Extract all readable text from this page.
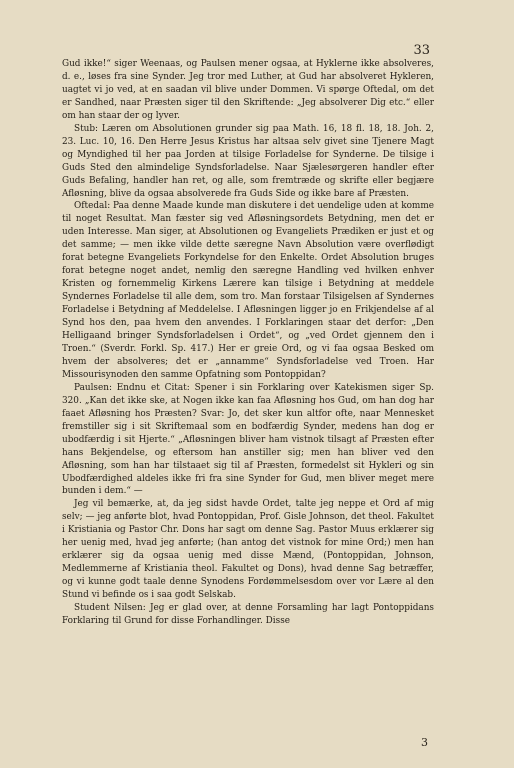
33

Gud ikke!“ siger Weenaas, og Paulsen mener ogsaa, at Hyklerne ikke absolveres, d. e., løses fra sine Synder. Jeg tror med Luther, at Gud har absolveret Hykleren, uagtet vi jo ved, at en saadan vil blive under Dommen. Vi spørge Oftedal, om det er Sandhed, naar Præsten siger til den Skriftende: „Jeg absolverer Dig etc.“ eller om han staar der og lyver.

Stub: Læren om Absolutionen grunder sig paa Math. 16, 18 fl. 18, 18. Joh. 2, 23. Luc. 10, 16. Den Herre Jesus Kristus har altsaa selv givet sine Tjenere Magt og Myndighed til her paa Jorden at tilsige Forladelse for Synderne. De tilsige i Guds Sted den almindelige Syndsforladelse. Naar Sjælesørgeren handler efter Guds Befaling, handler han ret, og alle, som fremtræde og skrifte eller begjære Afløsning, blive da ogsaa absolverede fra Guds Side og ikke bare af Præsten.

Oftedal: Paa denne Maade kunde man diskutere i det uendelige uden at komme til noget Resultat. Man fæster sig ved Afløsningsordets Betydning, men det er uden Interesse. Man siger, at Absolutionen og Evangeliets Prædiken er just et og det samme; — men ikke vilde dette særegne Navn Absolution være overflødigt forat betegne Evangeliets Forkyndelse for den Enkelte. Ordet Absolution bruges forat betegne noget andet, nemlig den særegne Handling ved hvilken enhver Kristen og fornemmelig Kirkens Lærere kan tilsige i Betydning at meddele Syndernes Forladelse til alle dem, som tro. Man forstaar Tilsigelsen af Syndernes Forladelse i Betydning af Meddelelse. I Afløsningen ligger jo en Frikjendelse af al Synd hos den, paa hvem den anvendes. I Forklaringen staar det derfor: „Den Helligaand bringer Syndsforladelsen i Ordet“, og „ved Ordet gjennem den i Troen.“ (Sverdr. Forkl. Sp. 417.) Her er greie Ord, og vi faa ogsaa Besked om hvem der absolveres; det er „annamme“ Syndsforladelse ved Troen. Har Missourisynoden den samme Opfatning som Pontoppidan?

Paulsen: Endnu et Citat: Spener i sin Forklaring over Katekismen siger Sp. 320. „Kan det ikke ske, at Nogen ikke kan faa Afløsning hos Gud, om han dog har faaet Afløsning hos Præsten? Svar: Jo, det sker kun altfor ofte, naar Mennesket fremstiller sig i sit Skriftemaal som en bodfærdig Synder, medens han dog er ubodfærdig i sit Hjerte.“ „Afløsningen bliver ham vistnok tilsagt af Præsten efter hans Bekjendelse, og eftersom han anstiller sig; men han bliver ved den Afløsning, som han har tilstaaet sig til af Præsten, formedelst sit Hykleri og sin Ubodfærdighed aldeles ikke fri fra sine Synder for Gud, men bliver meget mere bunden i dem.“ —

Jeg vil bemærke, at, da jeg sidst havde Ordet, talte jeg neppe et Ord af mig selv; — jeg anførte blot, hvad Pontoppidan, Prof. Gisle Johnson, det theol. Fakultet i Kristiania og Pastor Chr. Dons har sagt om denne Sag. Pastor Muus erklærer sig her uenig med, hvad jeg anførte; (han antog det vistnok for mine Ord;) men han erklærer sig da ogsaa uenig med disse Mænd, (Pontoppidan, Johnson, Medlemmerne af Kristiania theol. Fakultet og Dons), hvad denne Sag betræffer, og vi kunne godt taale denne Synodens Fordømmelsesdom over vor Lære al den Stund vi befinde os i saa godt Selskab.

Student Nilsen: Jeg er glad over, at denne Forsamling har lagt Pontoppidans Forklaring til Grund for disse Forhandlinger. Disse

3
